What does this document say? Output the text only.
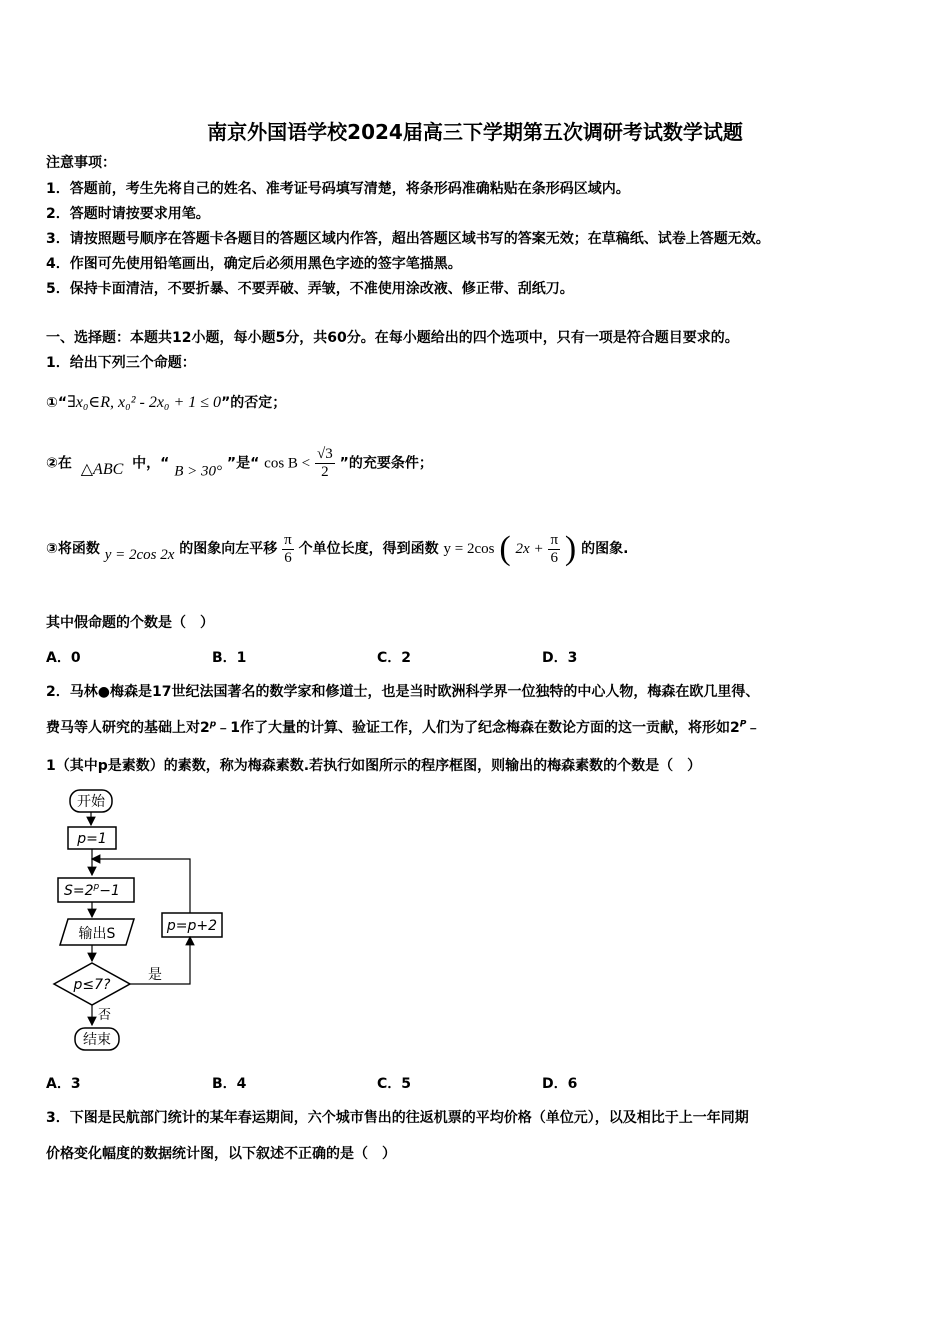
南京外国语学校2024届高三下学期第五次调研考试数学试题
注意事项：
1．答题前，考生先将自己的姓名、准考证号码填写清楚，将条形码准确粘贴在条形码区域内。
2．答题时请按要求用笔。
3．请按照题号顺序在答题卡各题目的答题区域内作答，超出答题区域书写的答案无效；在草稿纸、试卷上答题无效。
4．作图可先使用铅笔画出，确定后必须用黑色字迹的签字笔描黑。
5．保持卡面清洁，不要折暴、不要弄破、弄皱，不准使用涂改液、修正带、刮纸刀。
一、选择题：本题共12小题，每小题5分，共60分。在每小题给出的四个选项中，只有一项是符合题目要求的。
1．给出下列三个命题：
①“∃x₀∈R, x₀² - 2x₀ + 1 ≤ 0”的否定；
②在 △ABC 中，“ B > 30° ”是“ $\cos B < \frac{√3}{2}$ ”的充要条件；
③将函数 y = 2cos 2x 的图象向左平移 $\frac{\pi}{6}$ 个单位长度，得到函数 y = 2cos ( $2x + \frac{\pi}{6}$ ) 的图象.
其中假命题的个数是（　）
A．0	B．1	C．2	D．3
2．马林●梅森是17世纪法国著名的数学家和修道士，也是当时欧洲科学界一位独特的中心人物，梅森在欧几里得、
费马等人研究的基础上对2$^p$﹣1作了大量的计算、验证工作，人们为了纪念梅森在数论方面的这一贡献，将形如$2^P﹣$
1（其中p是素数）的素数，称为梅森素数.若执行如图所示的程序框图，则输出的梅森素数的个数是（　）
开始
p=1
$S=2^p-1$
输出S
p≤7?
是
p=p+2
否
结束
A．3	B．4	C．5	D．6
3．下图是民航部门统计的某年春运期间，六个城市售出的往返机票的平均价格（单位元），以及相比于上一年同期
价格变化幅度的数据统计图，以下叙述不正确的是（　）
